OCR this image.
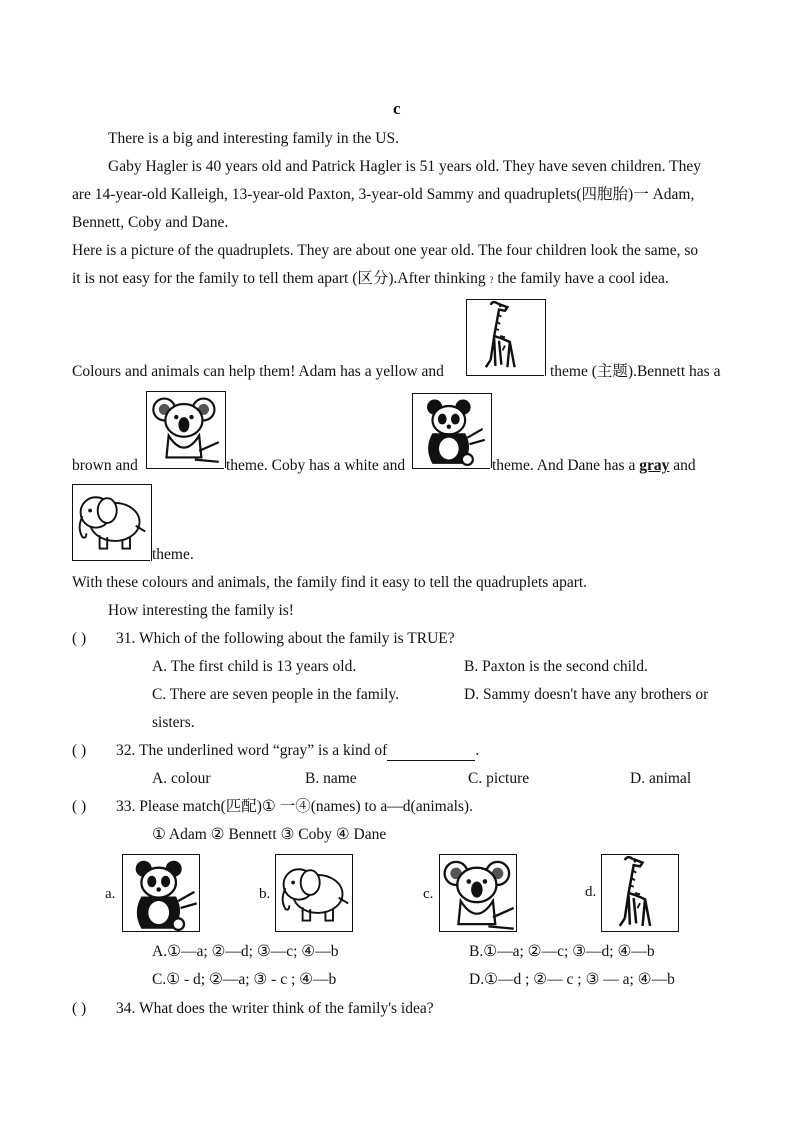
c
There is a big and interesting family in the US.
Gaby Hagler is 40 years old and Patrick Hagler is 51 years old. They have seven children. They
are 14-year-old Kalleigh, 13-year-old Paxton, 3-year-old Sammy and quadruplets(四胞胎)一 Adam,
Bennett, Coby and Dane.
Here is a picture of the quadruplets. They are about one year old. The four children look the same, so
it is not easy for the family to tell them apart (区分).After thinking ? the family have a cool idea.
Colours and animals can help them! Adam has a yellow and	theme (主题).Bennett has a
brown and	theme. Coby has a white and	theme. And Dane has a gray and
theme.
With these colours and animals, the family find it easy to tell the quadruplets apart.
How interesting the family is!
( ) 31. Which of the following about the family is TRUE?
A. The first child is 13 years old.	B. Paxton is the second child.
C. There are seven people in the family.	D. Sammy doesn't have any brothers or
sisters.
( ) 32. The underlined word “gray” is a kind of	.
A. colour	B. name	C. picture	D. animal
( ) 33. Please match(匹配)① 一④(names) to a—d(animals).
① Adam ② Bennett ③ Coby ④ Dane
a.	b.	c.	d.
A.①—a; ②—d; ③—c; ④—b	B.①—a; ②—c; ③—d; ④—b
C.① - d; ②—a; ③ - c ; ④—b	D.①—d ; ②— c ; ③ — a; ④—b
( ) 34. What does the writer think of the family's idea?
